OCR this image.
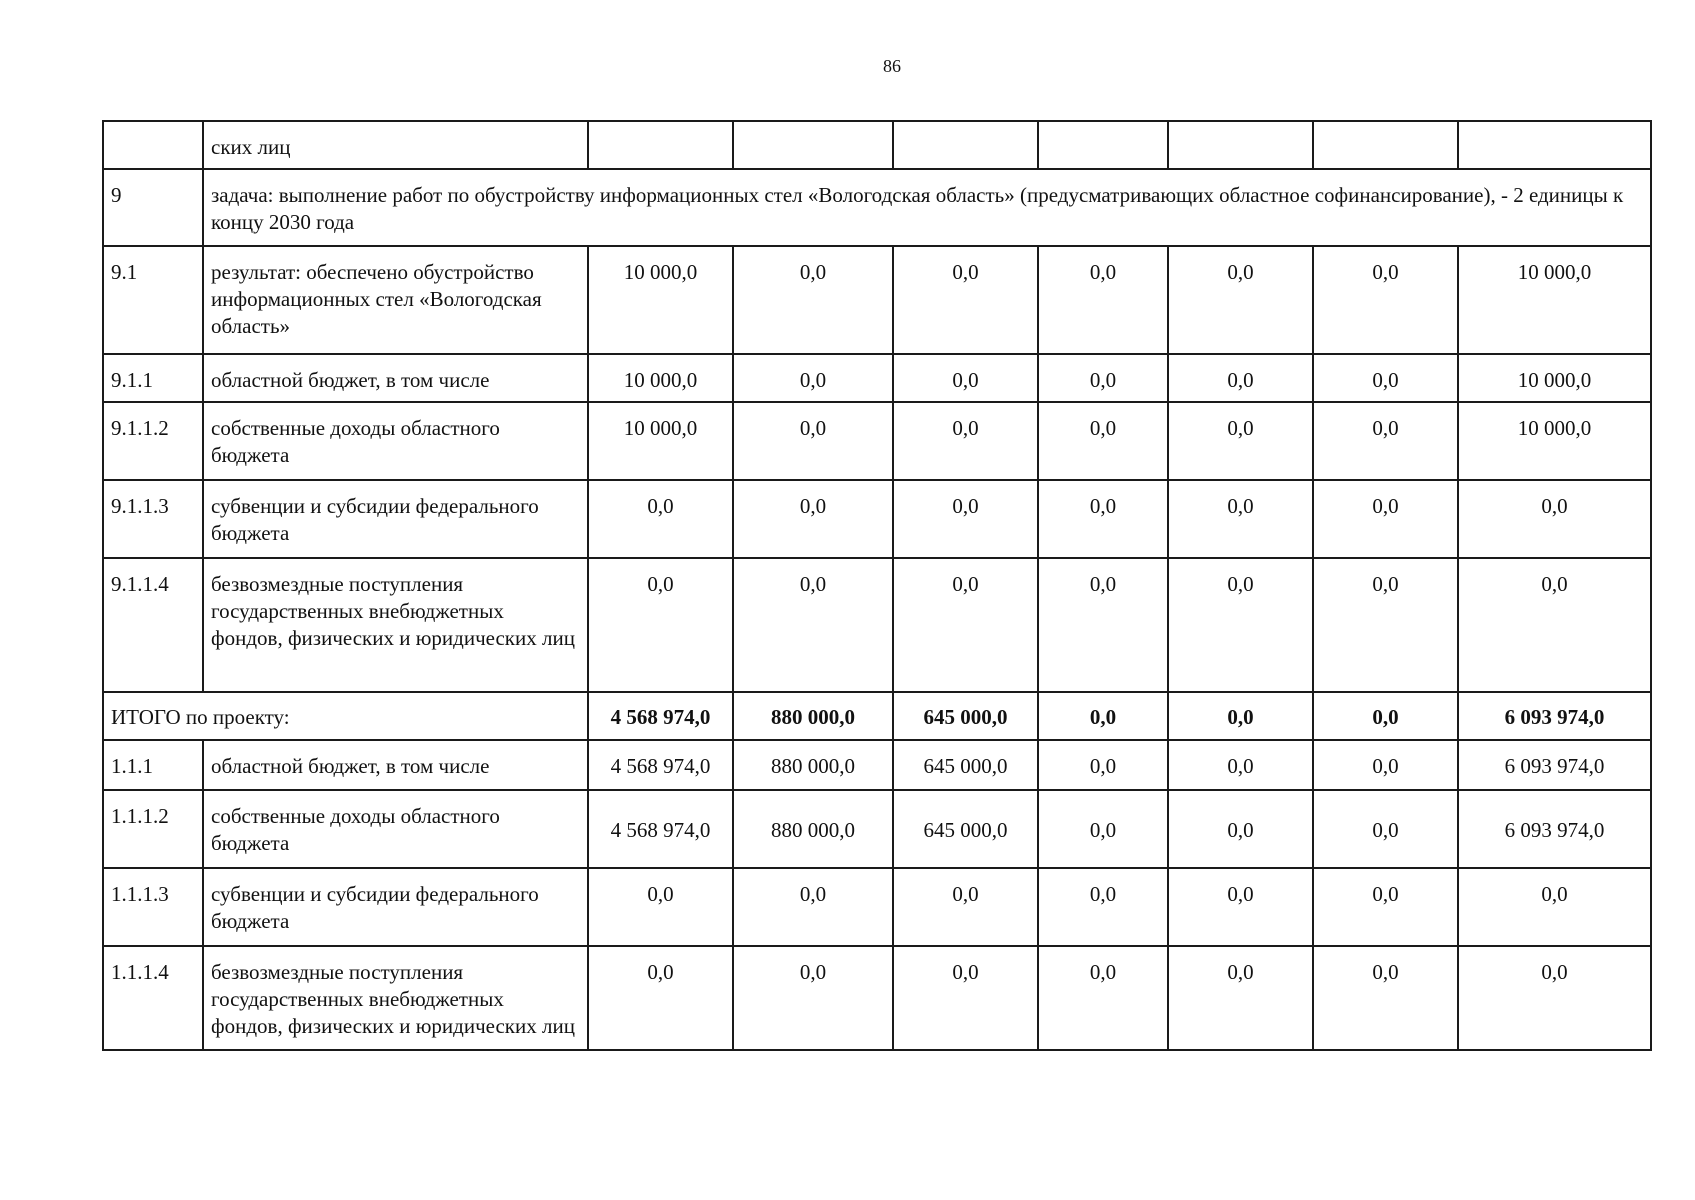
86
	ских лиц							
9	задача: выполнение работ по обустройству информационных стел «Вологодская область» (предусматривающих областное софинансирование), - 2 единицы к концу 2030 года							
9.1	результат: обеспечено обустройство информационных стел «Вологодская область»	10 000,0	0,0	0,0	0,0	0,0	0,0	10 000,0
9.1.1	областной бюджет, в том числе	10 000,0	0,0	0,0	0,0	0,0	0,0	10 000,0
9.1.1.2	собственные доходы областного бюджета	10 000,0	0,0	0,0	0,0	0,0	0,0	10 000,0
9.1.1.3	субвенции и субсидии федерального бюджета	0,0	0,0	0,0	0,0	0,0	0,0	0,0
9.1.1.4	безвозмездные поступления государственных внебюджетных фондов, физических и юридических лиц	0,0	0,0	0,0	0,0	0,0	0,0	0,0
ИТОГО по проекту:		4 568 974,0	880 000,0	645 000,0	0,0	0,0	0,0	6 093 974,0
1.1.1	областной бюджет, в том числе	4 568 974,0	880 000,0	645 000,0	0,0	0,0	0,0	6 093 974,0
1.1.1.2	собственные доходы областного бюджета	4 568 974,0	880 000,0	645 000,0	0,0	0,0	0,0	6 093 974,0
1.1.1.3	субвенции и субсидии федерального бюджета	0,0	0,0	0,0	0,0	0,0	0,0	0,0
1.1.1.4	безвозмездные поступления государственных внебюджетных фондов, физических и юридических лиц	0,0	0,0	0,0	0,0	0,0	0,0	0,0
